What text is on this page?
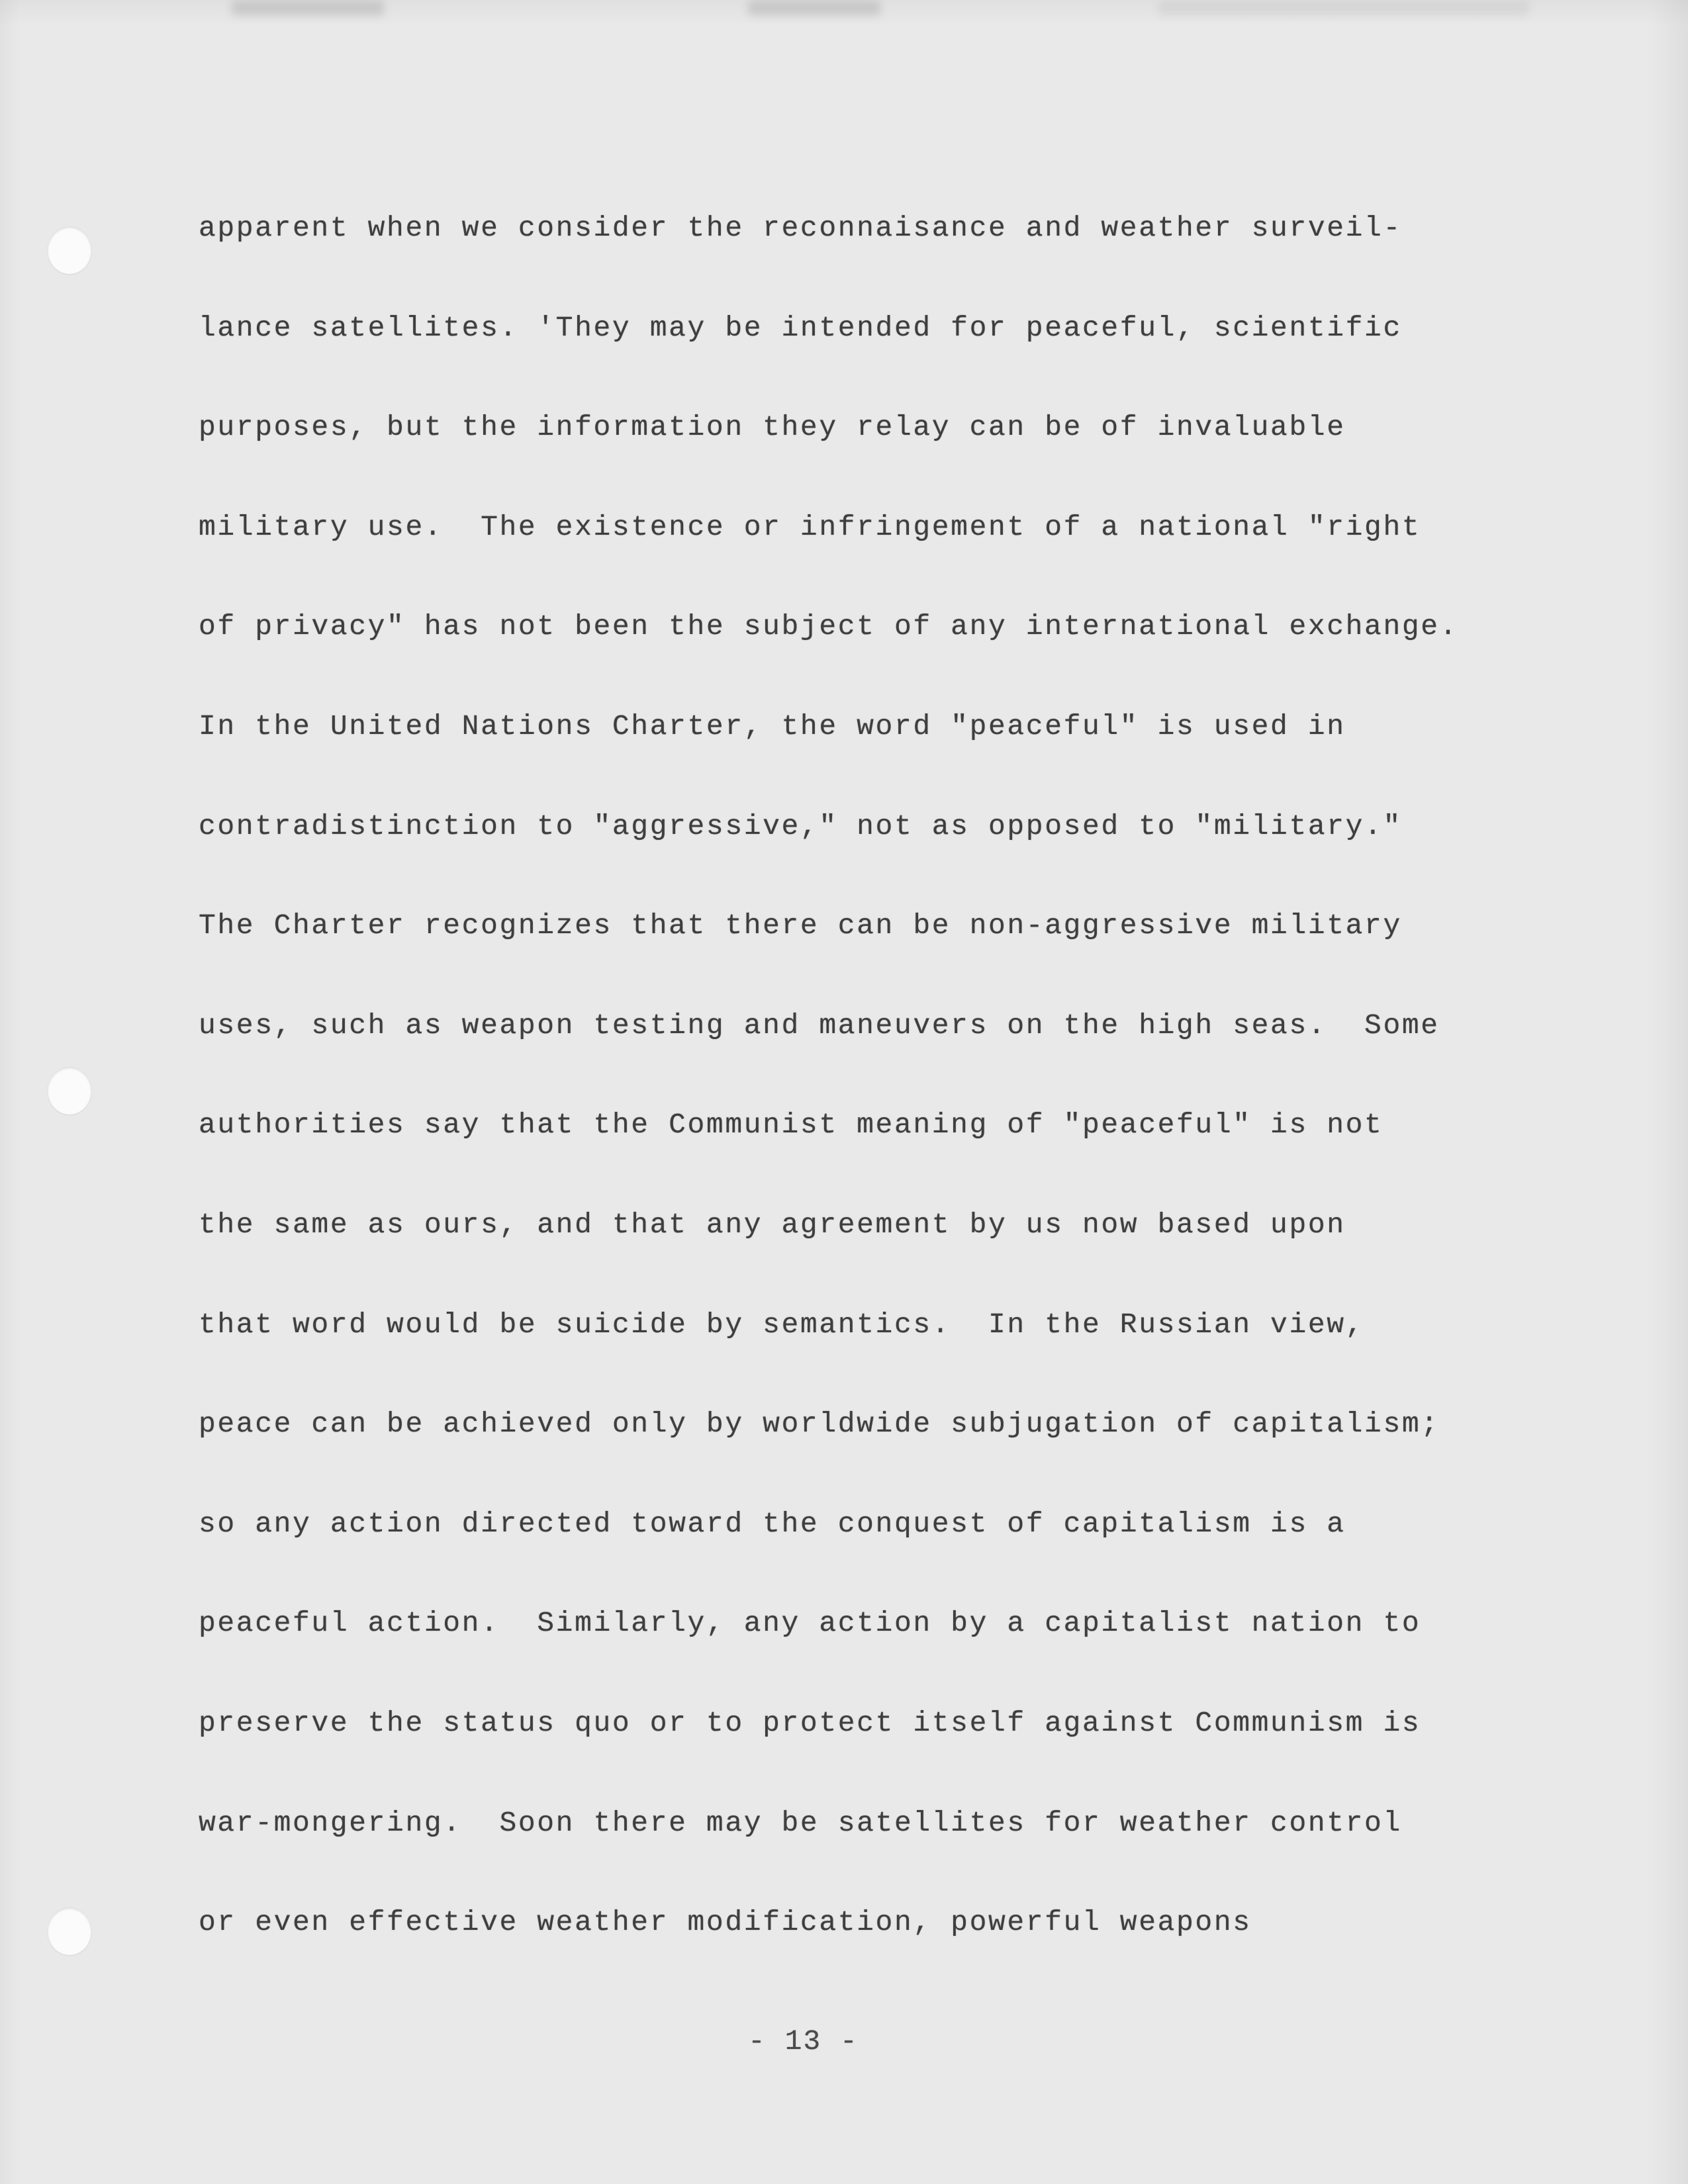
apparent when we consider the reconnaisance and weather surveil-
lance satellites. 'They may be intended for peaceful, scientific
purposes, but the information they relay can be of invaluable
military use.  The existence or infringement of a national "right
of privacy" has not been the subject of any international exchange.
In the United Nations Charter, the word "peaceful" is used in
contradistinction to "aggressive," not as opposed to "military."
The Charter recognizes that there can be non-aggressive military
uses, such as weapon testing and maneuvers on the high seas.  Some
authorities say that the Communist meaning of "peaceful" is not
the same as ours, and that any agreement by us now based upon
that word would be suicide by semantics.  In the Russian view,
peace can be achieved only by worldwide subjugation of capitalism;
so any action directed toward the conquest of capitalism is a
peaceful action.  Similarly, any action by a capitalist nation to
preserve the status quo or to protect itself against Communism is
war-mongering.  Soon there may be satellites for weather control
or even effective weather modification, powerful weapons
- 13 -
